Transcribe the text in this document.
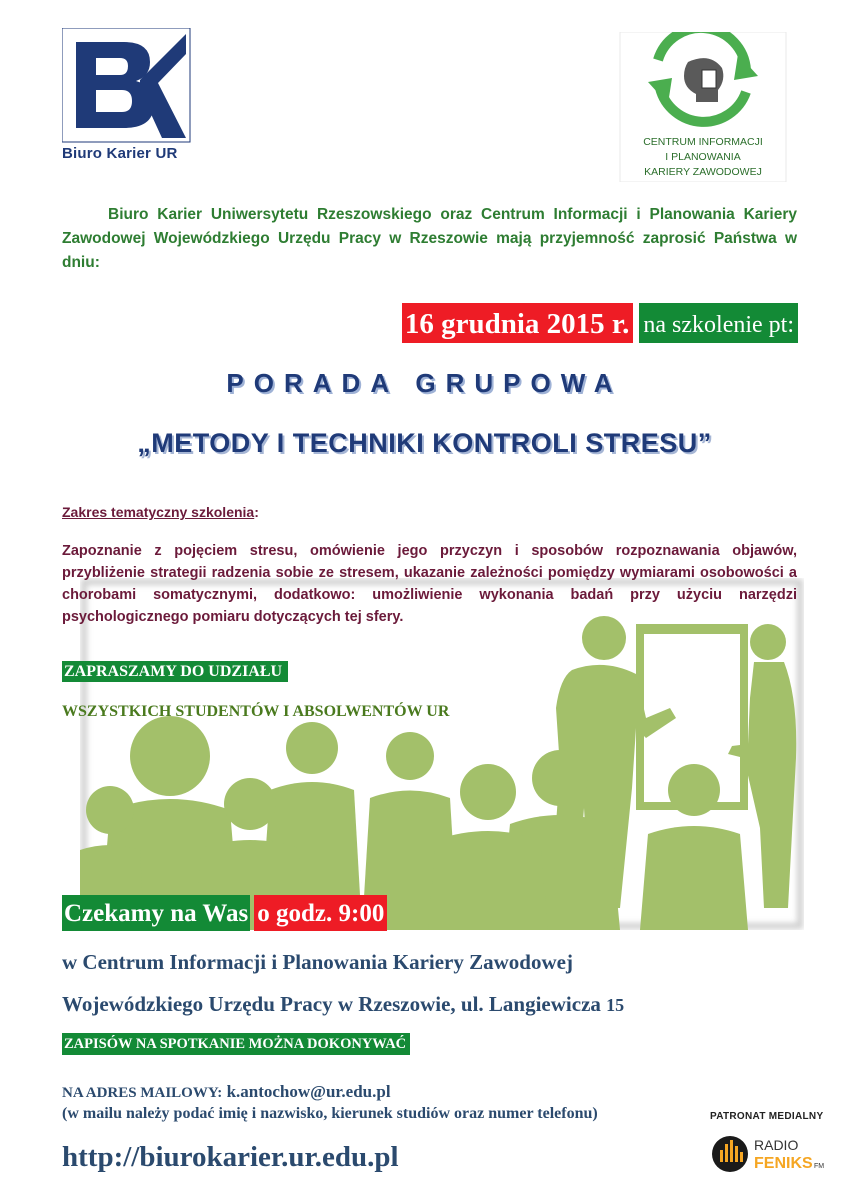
Biuro Karier UR
CENTRUM INFORMACJI
I PLANOWANIA
KARIERY ZAWODOWEJ
Biuro Karier Uniwersytetu Rzeszowskiego oraz Centrum Informacji i Planowania Kariery Zawodowej Wojewódzkiego Urzędu Pracy w Rzeszowie mają przyjemność zaprosić Państwa w dniu:
16 grudnia 2015 r. na szkolenie pt:
PORADA GRUPOWA
„METODY I TECHNIKI KONTROLI STRESU”
Zakres tematyczny szkolenia:
Zapoznanie z pojęciem stresu, omówienie jego przyczyn i sposobów rozpoznawania objawów, przybliżenie strategii radzenia sobie ze stresem, ukazanie zależności pomiędzy wymiarami osobowości a chorobami somatycznymi, dodatkowo: umożliwienie wykonania badań przy użyciu narzędzi psychologicznego pomiaru dotyczących tej sfery.
ZAPRASZAMY DO UDZIAŁU
WSZYSTKICH STUDENTÓW I ABSOLWENTÓW UR
Czekamy na Was o godz. 9:00
w Centrum Informacji i Planowania Kariery Zawodowej
Wojewódzkiego Urzędu Pracy w Rzeszowie, ul. Langiewicza 15
ZAPISÓW NA SPOTKANIE MOŻNA DOKONYWAĆ
NA ADRES MAILOWY: k.antochow@ur.edu.pl
(w mailu należy podać imię i nazwisko, kierunek studiów oraz numer telefonu)
http://biurokarier.ur.edu.pl
PATRONAT MEDIALNY
RADIO
FENIKS FM
